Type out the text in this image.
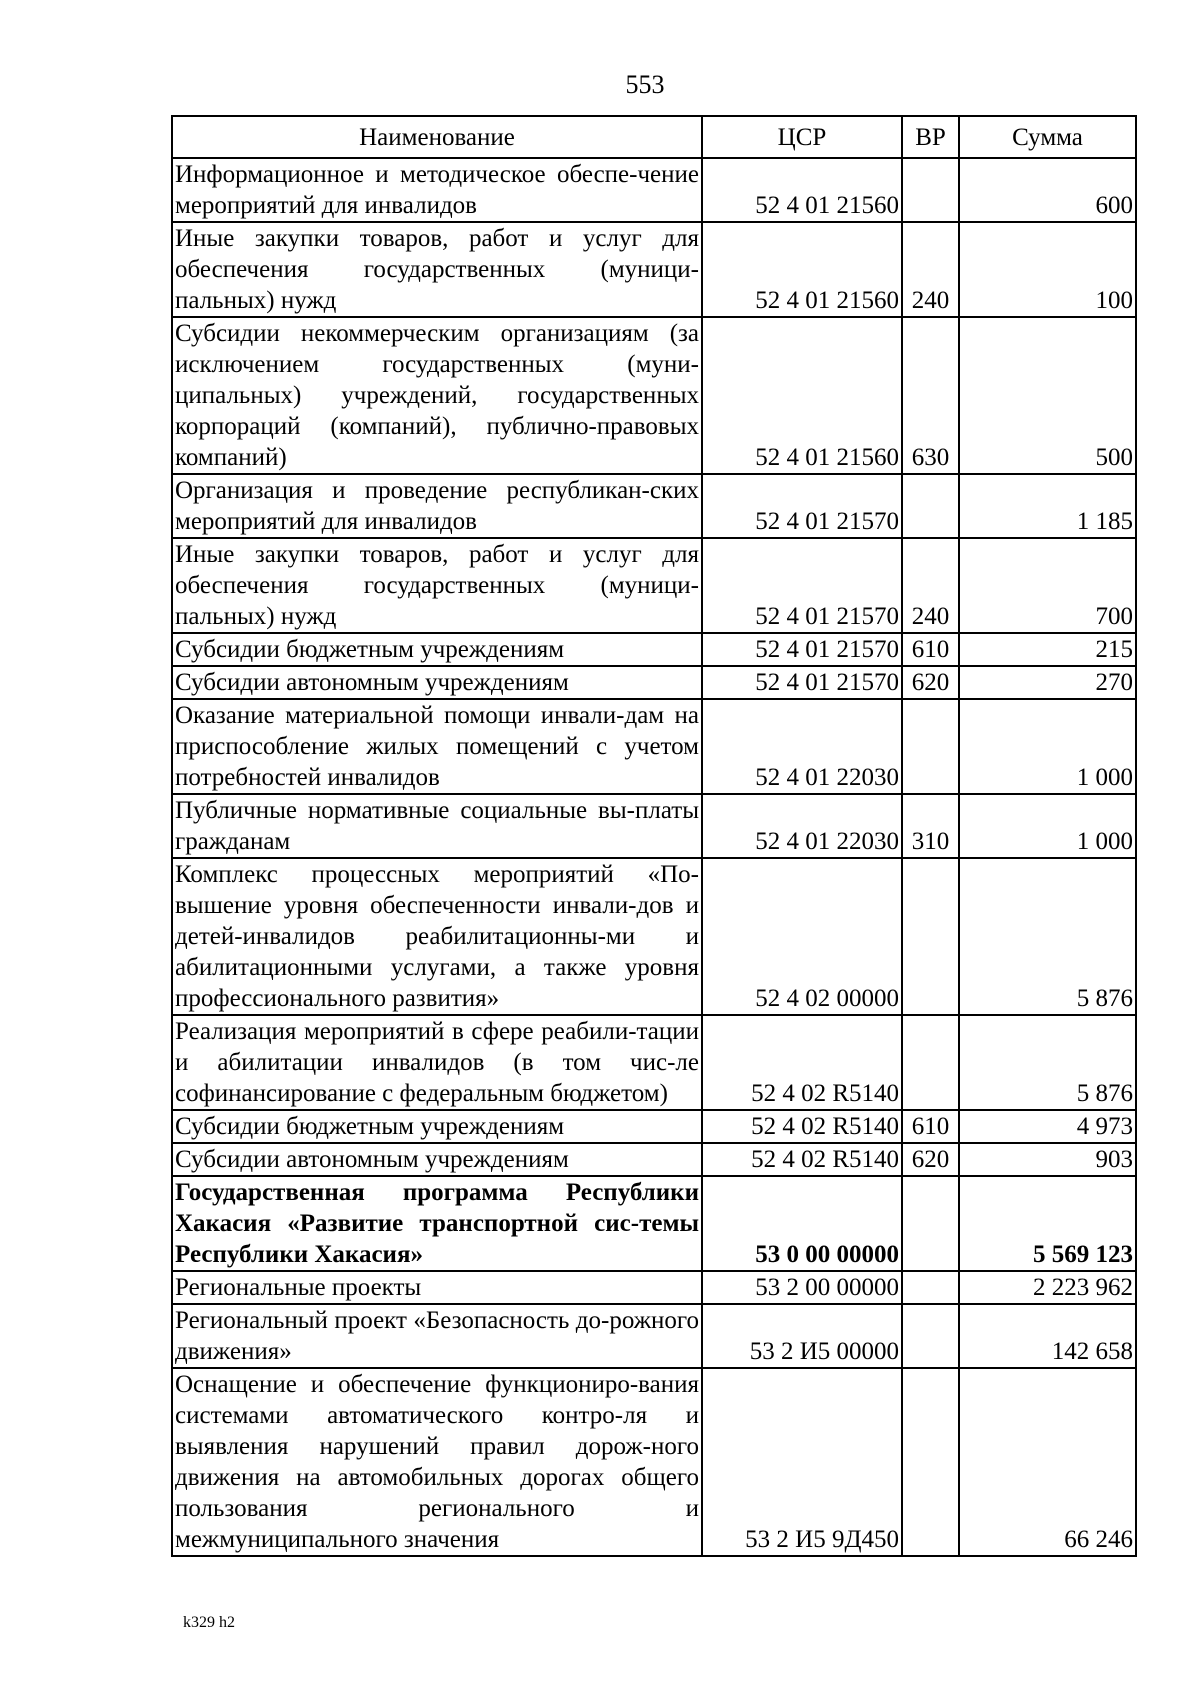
553
Наименование	ЦСР	ВР	Сумма
Информационное и методическое обеспе-чение мероприятий для инвалидов	52 4 01 21560		600
Иные закупки товаров, работ и услуг для обеспечения государственных (муници-пальных) нужд	52 4 01 21560	240	100
Субсидии некоммерческим организациям (за исключением государственных (муни-ципальных) учреждений, государственных корпораций (компаний), публично-правовых компаний)	52 4 01 21560	630	500
Организация и проведение республикан-ских мероприятий для инвалидов	52 4 01 21570		1 185
Иные закупки товаров, работ и услуг для обеспечения государственных (муници-пальных) нужд	52 4 01 21570	240	700
Субсидии бюджетным учреждениям	52 4 01 21570	610	215
Субсидии автономным учреждениям	52 4 01 21570	620	270
Оказание материальной помощи инвали-дам на приспособление жилых помещений с учетом потребностей инвалидов	52 4 01 22030		1 000
Публичные нормативные социальные вы-платы гражданам	52 4 01 22030	310	1 000
Комплекс процессных мероприятий «По-вышение уровня обеспеченности инвали-дов и детей-инвалидов реабилитационны-ми и абилитационными услугами, а также уровня профессионального развития»	52 4 02 00000		5 876
Реализация мероприятий в сфере реабили-тации и абилитации инвалидов (в том чис-ле софинансирование с федеральным бюджетом)	52 4 02 R5140		5 876
Субсидии бюджетным учреждениям	52 4 02 R5140	610	4 973
Субсидии автономным учреждениям	52 4 02 R5140	620	903
Государственная программа Республики Хакасия «Развитие транспортной сис-темы Республики Хакасия»	53 0 00 00000		5 569 123
Региональные проекты	53 2 00 00000		2 223 962
Региональный проект «Безопасность до-рожного движения»	53 2 И5 00000		142 658
Оснащение и обеспечение функциониро-вания системами автоматического контро-ля и выявления нарушений правил дорож-ного движения на автомобильных дорогах общего пользования регионального и межмуниципального значения	53 2 И5 9Д450		66 246
k329 h2
